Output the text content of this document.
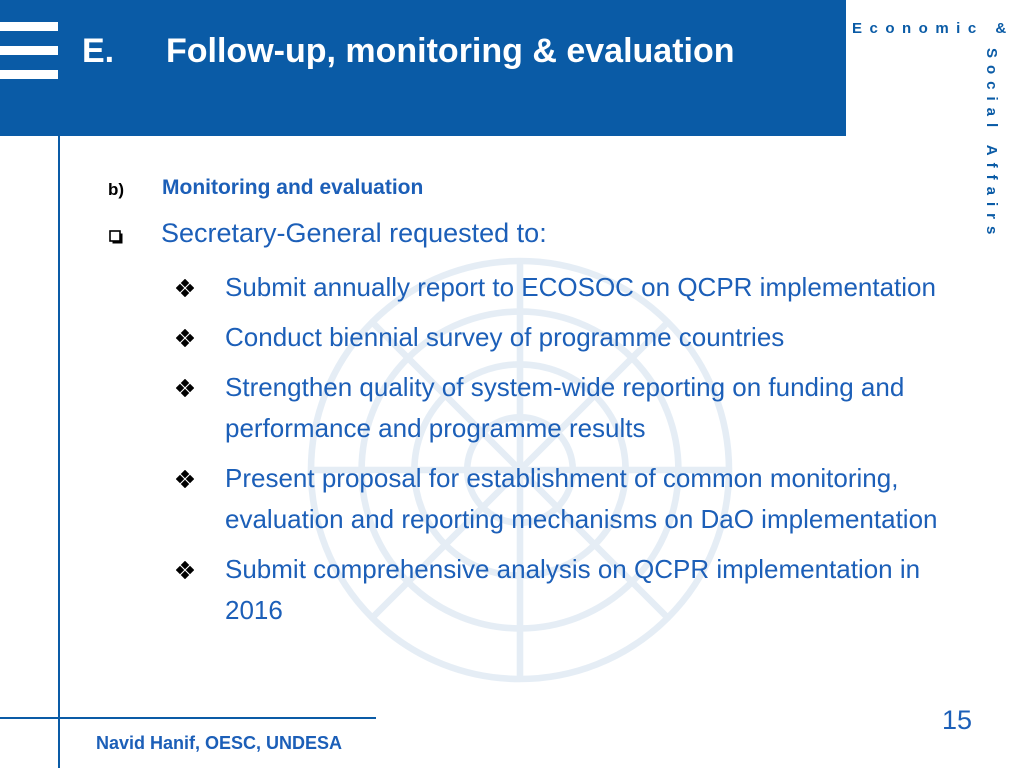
E. Follow-up, monitoring & evaluation
Economic &
Social Affairs
b) Monitoring and evaluation
Secretary-General requested to:
Submit annually report to ECOSOC on QCPR implementation
Conduct biennial survey of programme countries
Strengthen quality of system-wide reporting on funding and performance and programme results
Present proposal for establishment of common monitoring, evaluation and reporting mechanisms on DaO implementation
Submit comprehensive analysis on QCPR implementation in 2016
15
Navid Hanif, OESC, UNDESA
